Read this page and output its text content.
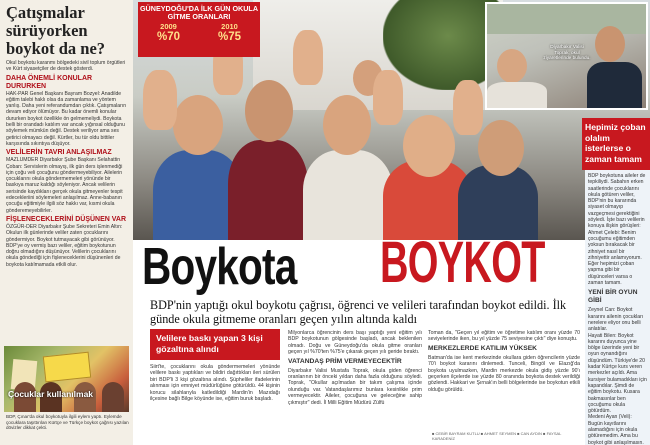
Çatışmalar sürüyorken boykot da ne?
Okul boykotu karanmı bölgedeki sivil toplum örgütleri ve Kürt siyasetçiler de destek gösterdi.
DAHA ÖNEMLİ KONULAR DURURKEN
HAK-PAR Genel Başkanı Bayram Bozyel: Anadilde eğitim talebi haklı olsa da zamanlama ve yöntem yanlış. Daha yeni referandumdan çıktık. Çatışmaların devam ediyor ölümüyor. Bu kadar önemli konular dururken boykot özellikle ön gelmemeliydi. Boykota belli bir orandadı katılım var ancak yığınsal olduğunu söylemek mümkün değil. Destek veriliyor ama ses getirici olmayacı değil. Kürtler, bu tür oldu bittiler karşısında sıkıntıya düşüyor.
VELİLERİN TAVRI ANLAŞILMAZ
MAZLUMDER Diyarbakır Şube Başkanı Selahattin Çoban: Servislerin olmayış, ilk gün ders işlenmediği için çoğu veli çocuğunu göndermeyebiliyor. Ailelerin çocuklarını okula göndermemeleri yönünde bir baskıya maruz kaldığı söyleniyor. Ancak velilerin serisinde kaydıklarıı gerçek okula gitmeyenler tespit edecekleriini söylemeleri anlaşılmaz. Anne-babanın çocuğu eğitimiyle ilgili söz hakkı var, kısmi okula gönderemeyebilirler.
FİŞLENECEKLERİNİ DÜŞÜNEN VAR
ÖZGÜR-DER Diyarbakır Şube Sekreteri Emin Altın: Okulun ilk günlerinde veliler zaten çocuklarını göndermiyor. Boykot tutmayacak gibi görünüyor. BDP'ye oy vermiş bazı veliler, eğitim boykotunun doğru olmadığını düşünüyor. Velilerin çocuklarını okula göndediği için fişleneceklerini düşünenleri de boykota katılmamada etkili olur.
Çocuklar kullanılmak
BDP, Çınar'da okul boykotuyla ilgili eylem yaptı. Eylemde çocuklara taşıttırılan Kürtçe ve Türkçe boykot çağrısı yazılan dövizler dikkat çekti.
GÜNEYDOĞU'DA İLK GÜN OKULA GİTME ORANLARI
2009
%70
2010
%75
Diyarbakır Valisi Toprak, okul ziyaretlerinde bulundu.
Hepimiz çoban olalım isterlerse o zaman tamam
Boykota BOYKOT
BDP'nin yaptığı okul boykotu çağrısı, öğrenci ve velileri tarafından boykot edildi. İlk günde okula gitmeme oranları geçen yılın altında kaldı
Velilere baskı yapan 3 kişi gözaltına alındı
Siirt'te, çocuklarını okula göndermemeleri yönünde velilere baskı yaptıkları ve bildiri dağıttıkları ileri sürülen biri BDP'li 3 kişi gözaltına alındı. Şüpheliler ifadelerinin alınması için emniyet müdürlüğüne götürüldü. 44 kişinin korucu silahlarıyla katledildiği Mardin'in Mazıdağı ilçesine bağlı Bilge köyünde ise, eğitim buruk başladı.
Milyonlarca öğrencinin ders başı yaptığı yeni eğitim yılı BDP boykotunun gölgesinde başladı, ancak beklenilen olmadı. Doğu ve Güneydoğu'da okula gitme oranları geçen yıl %70'ten %75'e çıkarak geçen yılı geride bıraktı.
VATANDAŞ PRİM VERMEYECEKTİR
Diyarbakır Valisi Mustafa Toprak, okula giden öğrenci oranlarının bir önceki yıldan daha fazla olduğunu söyledi. Toprak, "Okullar açılmadan bir takım çalışma içinde olunduğu var. Vatandaşlarımız bunlara kesinlikle prim vermeyecektir. Aileler, çocuğuna ve geleceğine sahip çıkmıştır" dedi. İl Milli Eğitim Müdürü Zülfü
Toman da, "Geçen yıl eğitim ve öğretime katılım oranı yüzde 70 seviyelerinde iken, bu yıl yüzde 75 seviyesine çıktı" diye konuştu.
MERKEZLERDE KATILIM YÜKSEK
Batman'da ise kent merkezinde okullara giden öğrencilerin yüzde 70'i boykot kararını dinlemedi. Tunceli, Bingöl ve Elazığ'da boykota uyulmazken, Mardin merkezde okula gidiş yüzde 90'ı geçerken ilçelerde ise yüzde 80 oranında boykota destek verildiği gözlendi. Hakkari ve Şırnak'ın belli bölgelerinde ise boykotun etkili olduğu görüldü.
■ CEBİR BAYRAM KUTLU ■ AHMET SEYMEN ■ CAN AYDIN ■ FAYSAL KARADENİZ
BDP boykotuna aileler de tepkiliydi. Sabahın erken saatlerinde çocuklarını okula götüren veliler, BDP'nin bu kararında siyaset olmayıp vazgeçmesi gerektiğini söyledi. İşte bazı velilerin konuya ilişkin görüşleri:
Ahmet Çelebi: Benim çocuğumu eğitimden yoksun bırakacak bir zihniyet nasıl bir zihniyettir anlamıyorum. Eğer hepimizi çoban yapma gibi bir düşünceleri varsa o zaman tamam.
YENİ BİR OYUN GİBİ
Zeynel Can: Boykot kararını ailenin çocukları nerelere eliyor onu belli anlatılar.
Hayati Bilen: Boykot kararını duyunca yine bölge üzerinde yeni bir oyun oynandığını düşündüm. Türkiye'de 20 kadar Kürtçe kurs veren merkezler açıldı. Ama kursiyer bulamadıkları için kapandılar. Şimdi de eğitim boykotu. Kusara bakmasınlar ben çocuğumu okula götürdüm.
Medeni Ayan (Veli): Bugün kayıtlarını alamadığını için okula götüremedim. Ama bu boykot gibi anlaşılmasın.
